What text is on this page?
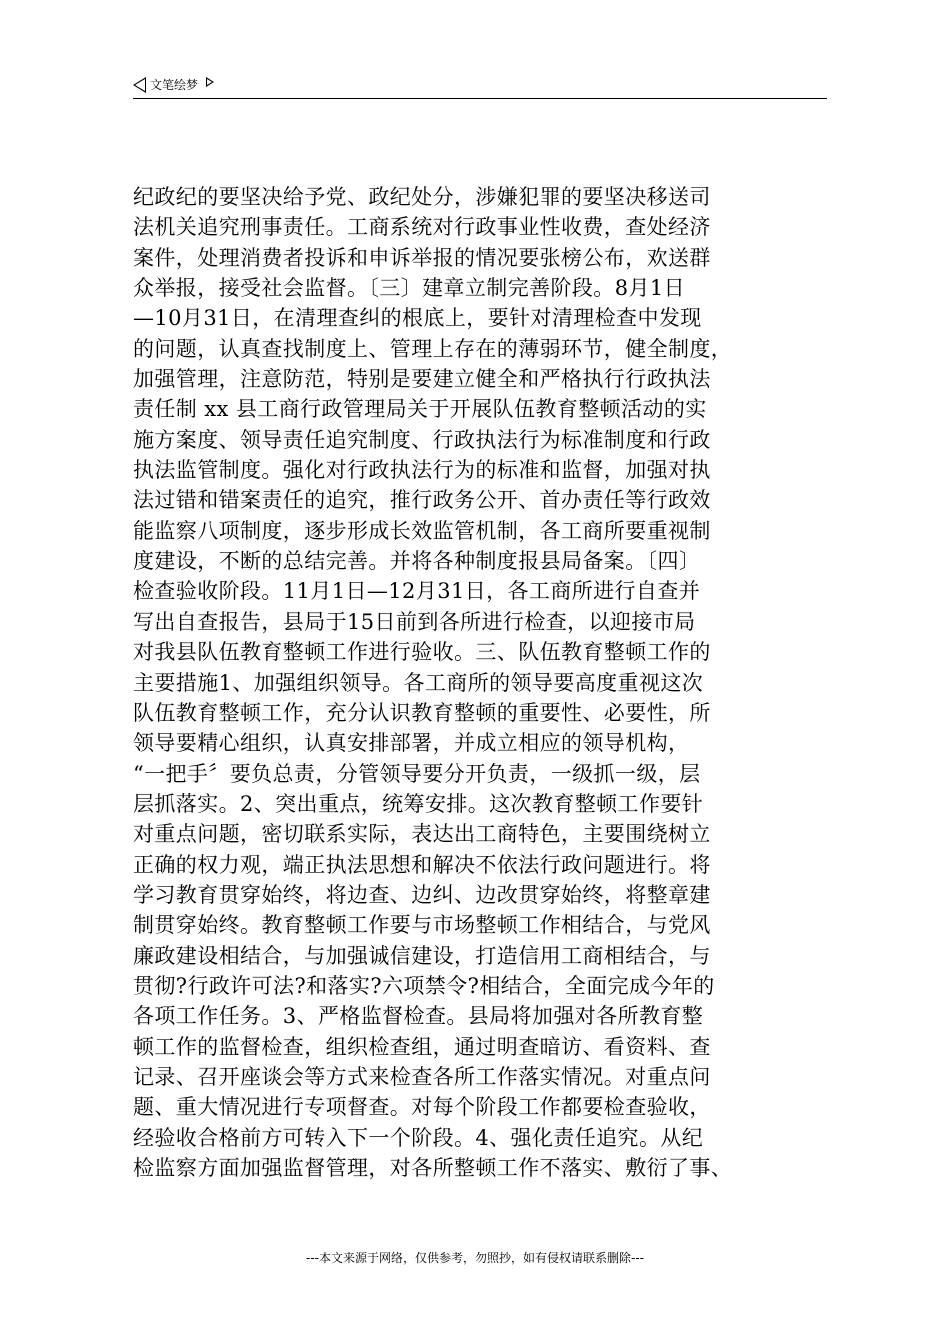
文笔绘梦
纪政纪的要坚决给予党、政纪处分，涉嫌犯罪的要坚决移送司
法机关追究刑事责任。工商系统对行政事业性收费，查处经济
案件，处理消费者投诉和申诉举报的情况要张榜公布，欢送群
众举报，接受社会监督。〔三〕建章立制完善阶段。8月1日
—10月31日，在清理查纠的根底上，要针对清理检查中发现
的问题，认真查找制度上、管理上存在的薄弱环节，健全制度，
加强管理，注意防范，特别是要建立健全和严格执行行政执法
责任制 xx 县工商行政管理局关于开展队伍教育整顿活动的实
施方案度、领导责任追究制度、行政执法行为标准制度和行政
执法监管制度。强化对行政执法行为的标准和监督，加强对执
法过错和错案责任的追究，推行政务公开、首办责任等行政效
能监察八项制度，逐步形成长效监管机制，各工商所要重视制
度建设，不断的总结完善。并将各种制度报县局备案。〔四〕
检查验收阶段。11月1日—12月31日，各工商所进行自查并
写出自查报告，县局于15日前到各所进行检查，以迎接市局
对我县队伍教育整顿工作进行验收。三、队伍教育整顿工作的
主要措施1、加强组织领导。各工商所的领导要高度重视这次
队伍教育整顿工作，充分认识教育整顿的重要性、必要性，所
领导要精心组织，认真安排部署，并成立相应的领导机构，
“一把手〞要负总责，分管领导要分开负责，一级抓一级，层
层抓落实。2、突出重点，统筹安排。这次教育整顿工作要针
对重点问题，密切联系实际，表达出工商特色，主要围绕树立
正确的权力观，端正执法思想和解决不依法行政问题进行。将
学习教育贯穿始终，将边查、边纠、边改贯穿始终，将整章建
制贯穿始终。教育整顿工作要与市场整顿工作相结合，与党风
廉政建设相结合，与加强诚信建设，打造信用工商相结合，与
贯彻?行政许可法?和落实?六项禁令?相结合，全面完成今年的
各项工作任务。3、严格监督检查。县局将加强对各所教育整
顿工作的监督检查，组织检查组，通过明查暗访、看资料、查
记录、召开座谈会等方式来检查各所工作落实情况。对重点问
题、重大情况进行专项督查。对每个阶段工作都要检查验收，
经验收合格前方可转入下一个阶段。4、强化责任追究。从纪
检监察方面加强监督管理，对各所整顿工作不落实、敷衍了事、
---本文来源于网络，仅供参考，勿照抄，如有侵权请联系删除---
